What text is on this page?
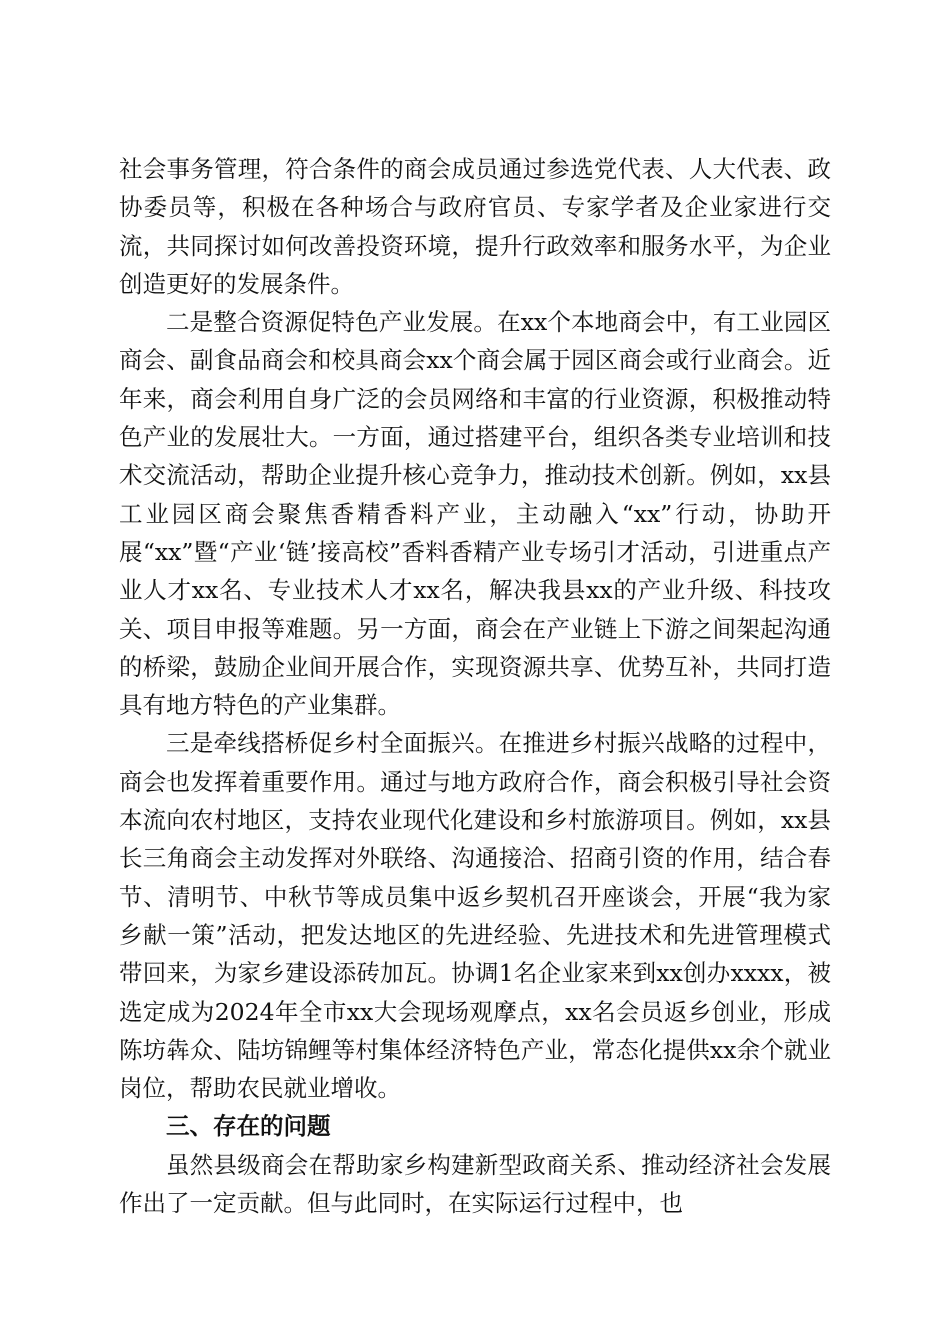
社会事务管理，符合条件的商会成员通过参选党代表、人大代表、政协委员等，积极在各种场合与政府官员、专家学者及企业家进行交流，共同探讨如何改善投资环境，提升行政效率和服务水平，为企业创造更好的发展条件。

二是整合资源促特色产业发展。在xx个本地商会中，有工业园区商会、副食品商会和校具商会xx个商会属于园区商会或行业商会。近年来，商会利用自身广泛的会员网络和丰富的行业资源，积极推动特色产业的发展壮大。一方面，通过搭建平台，组织各类专业培训和技术交流活动，帮助企业提升核心竞争力，推动技术创新。例如，xx县工业园区商会聚焦香精香料产业，主动融入“xx”行动，协助开展“xx”暨“产业‘链’接高校”香料香精产业专场引才活动，引进重点产业人才xx名、专业技术人才xx名，解决我县xx的产业升级、科技攻关、项目申报等难题。另一方面，商会在产业链上下游之间架起沟通的桥梁，鼓励企业间开展合作，实现资源共享、优势互补，共同打造具有地方特色的产业集群。

三是牵线搭桥促乡村全面振兴。在推进乡村振兴战略的过程中，商会也发挥着重要作用。通过与地方政府合作，商会积极引导社会资本流向农村地区，支持农业现代化建设和乡村旅游项目。例如，xx县长三角商会主动发挥对外联络、沟通接洽、招商引资的作用，结合春节、清明节、中秋节等成员集中返乡契机召开座谈会，开展“我为家乡献一策”活动，把发达地区的先进经验、先进技术和先进管理模式带回来，为家乡建设添砖加瓦。协调1名企业家来到xx创办xxxx，被选定成为2024年全市xx大会现场观摩点，xx名会员返乡创业，形成陈坊犇众、陆坊锦鲤等村集体经济特色产业，常态化提供xx余个就业岗位，帮助农民就业增收。

三、存在的问题

虽然县级商会在帮助家乡构建新型政商关系、推动经济社会发展作出了一定贡献。但与此同时，在实际运行过程中，也
